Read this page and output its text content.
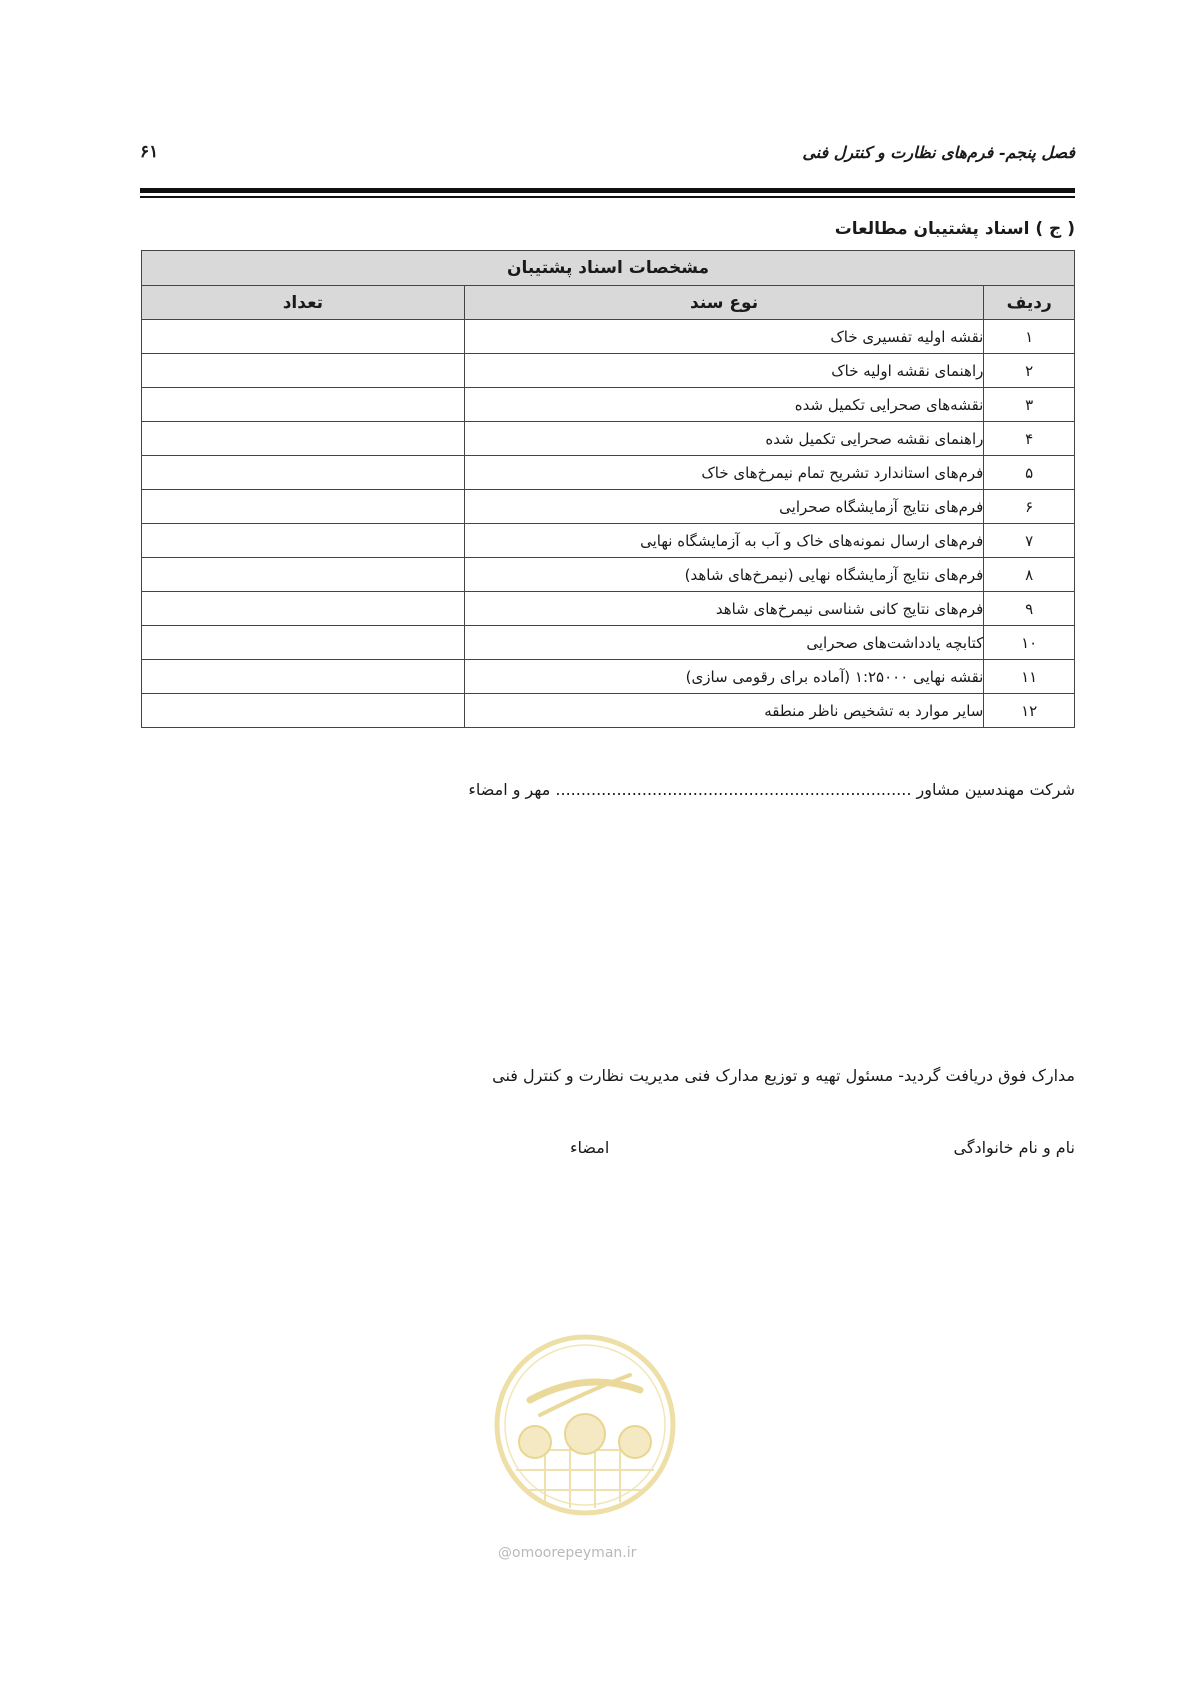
فصل پنجم- فرم‌های نظارت و کنترل فنی
۶۱
( ج ) اسناد پشتیبان مطالعات
مشخصات اسناد پشتیبان		
ردیف	نوع سند	تعداد
۱	نقشه اولیه تفسیری خاک	
۲	راهنمای نقشه اولیه خاک	
۳	نقشه‌های صحرایی تکمیل شده	
۴	راهنمای نقشه صحرایی تکمیل شده	
۵	فرم‌های استاندارد تشریح تمام نیمرخ‌های خاک	
۶	فرم‌های نتایج آزمایشگاه صحرایی	
۷	فرم‌های ارسال نمونه‌های خاک و آب به آزمایشگاه نهایی	
۸	فرم‌های نتایج آزمایشگاه نهایی (نیمرخ‌های شاهد)	
۹	فرم‌های نتایج کانی شناسی نیمرخ‌های شاهد	
۱۰	کتابچه یادداشت‌های صحرایی	
۱۱	نقشه نهایی ۱:۲۵۰۰۰ (آماده برای رقومی سازی)	
۱۲	سایر موارد به تشخیص ناظر منطقه	
شرکت مهندسین مشاور ...................................................................... مهر و امضاء
مدارک فوق دریافت گردید- مسئول تهیه و توزیع مدارک فنی مدیریت نظارت و کنترل فنی
نام و نام خانوادگی
امضاء
@omoorepeyman.ir
